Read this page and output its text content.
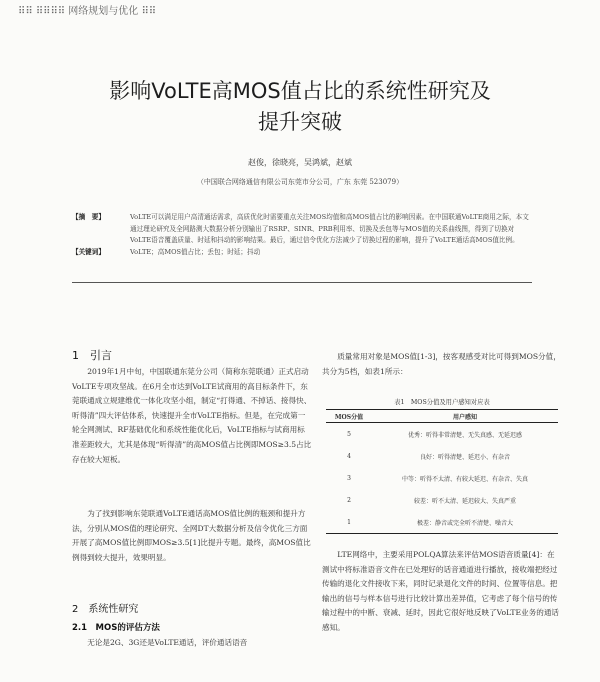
⠿⠿ ⠿⠿⠿⠿ 网络规划与优化 ⠿⠿
影响VoLTE高MOS值占比的系统性研究及
提升突破
赵俊，徐晓亮，吴鸿斌，赵斌
（中国联合网络通信有限公司东莞市分公司，广东 东莞 523079）
【摘　要】	VoLTE可以满足用户高清通话需求，高质优化时需要重点关注MOS均值和高MOS值占比的影响因素。在中国联通VoLTE商用之际，本文通过理论研究及全网路测大数据分析分别输出了RSRP、SINR、PRB利用率、切换及丢包等与MOS值的关系曲线图，得到了切换对VoLTE语音覆盖质量、时延和抖动的影响结果。最后，通过信令优化方法减少了切换过程的影响，提升了VoLTE通话高MOS值比例。
【关键词】	VoLTE；高MOS值占比；丢包；时延；抖动
1　引言

2019年1月中旬，中国联通东莞分公司（简称东莞联通）正式启动VoLTE专项攻坚战。在6月全市达到VoLTE试商用的高目标条件下，东莞联通成立规建维优一体化攻坚小组，制定“打得通、不掉话、接得快、听得清”四大评估体系，快速提升全市VoLTE指标。但是，在完成第一轮全网测试、RF基础优化和系统性能优化后，VoLTE指标与试商用标准差距较大，尤其是体现“听得清”的高MOS值占比例即MOS≥3.5占比存在较大短板。

为了找到影响东莞联通VoLTE通话高MOS值比例的瓶颈和提升方法，分别从MOS值的理论研究、全网DT大数据分析及信令优化三方面开展了高MOS值比例即MOS≥3.5[1]比提升专题。最终，高MOS值比例得到较大提升，效果明显。

2　系统性研究
2.1　MOS的评估方法

无论是2G、3G还是VoLTE通话，评价通话语音

质量常用对象是MOS值[1-3]，按客观感受对比可得到MOS分值，共分为5档，如表1所示：

表1　MOS分值及用户感知对应表
MOS分值	用户感知
5	优秀：听得非常清楚、无失真感、无延迟感
4	良好：听得清楚、延迟小、有杂音
3	中等：听得不太清、有较大延迟、有杂音、失真
2	较差：听不太清、延迟较大、失真严重
1	极差：静音或完全听不清楚、噪音大

LTE网络中，主要采用POLQA算法来评估MOS语音质量[4]：在测试中将标准语音文件在已处理好的话音通道进行播放，接收端把经过传输的退化文件接收下来，同时记录退化文件的时间、位置等信息。把输出的信号与样本信号进行比较计算出差异值，它考虑了每个信号的传输过程中的中断、衰减、延时，因此它很好地反映了VoLTE业务的通话感知。
